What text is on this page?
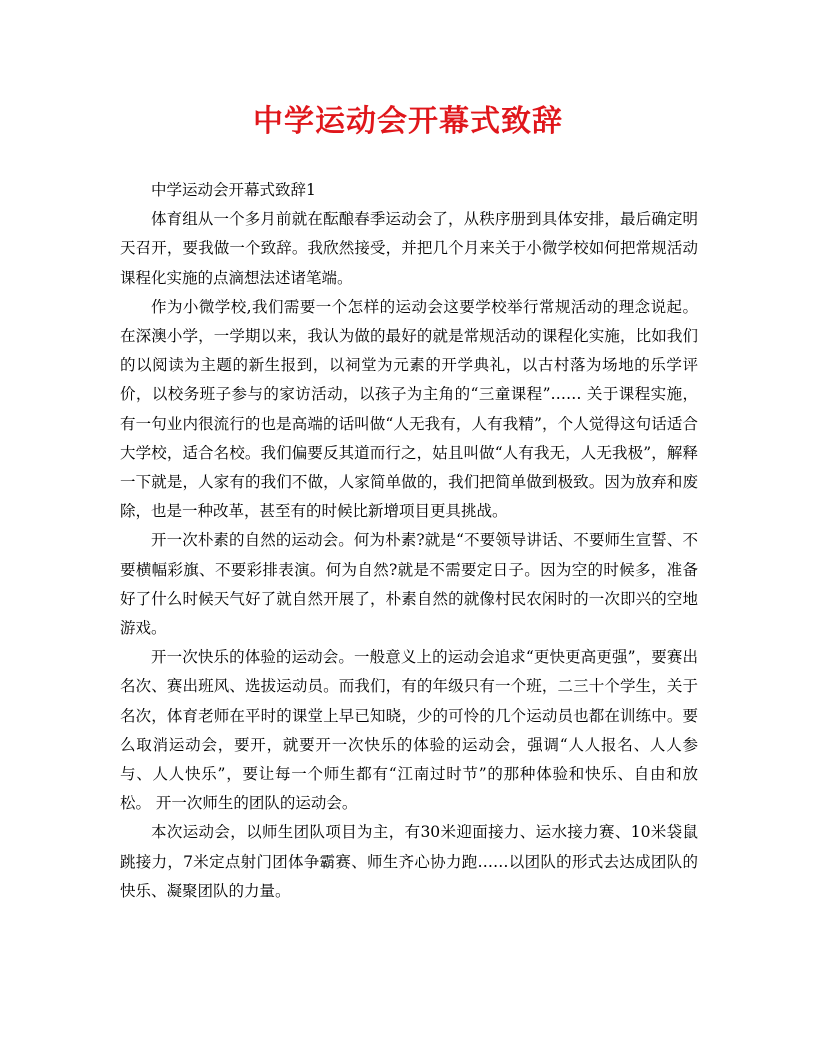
中学运动会开幕式致辞

中学运动会开幕式致辞1

体育组从一个多月前就在酝酿春季运动会了，从秩序册到具体安排，最后确定明天召开，要我做一个致辞。我欣然接受，并把几个月来关于小微学校如何把常规活动课程化实施的点滴想法述诸笔端。

作为小微学校,我们需要一个怎样的运动会这要学校举行常规活动的理念说起。在深澳小学，一学期以来，我认为做的最好的就是常规活动的课程化实施，比如我们的以阅读为主题的新生报到，以祠堂为元素的开学典礼，以古村落为场地的乐学评价，以校务班子参与的家访活动，以孩子为主角的“三童课程”…… 关于课程实施，有一句业内很流行的也是高端的话叫做“人无我有，人有我精”，个人觉得这句话适合大学校，适合名校。我们偏要反其道而行之，姑且叫做“人有我无，人无我极”，解释一下就是，人家有的我们不做，人家简单做的，我们把简单做到极致。因为放弃和废除，也是一种改革，甚至有的时候比新增项目更具挑战。

开一次朴素的自然的运动会。何为朴素?就是“不要领导讲话、不要师生宣誓、不要横幅彩旗、不要彩排表演。何为自然?就是不需要定日子。因为空的时候多，准备好了什么时候天气好了就自然开展了，朴素自然的就像村民农闲时的一次即兴的空地游戏。

开一次快乐的体验的运动会。一般意义上的运动会追求“更快更高更强”，要赛出名次、赛出班风、选拔运动员。而我们，有的年级只有一个班，二三十个学生，关于名次，体育老师在平时的课堂上早已知晓，少的可怜的几个运动员也都在训练中。要么取消运动会，要开，就要开一次快乐的体验的运动会，强调“人人报名、人人参与、人人快乐”，要让每一个师生都有“江南过时节”的那种体验和快乐、自由和放松。 开一次师生的团队的运动会。

本次运动会，以师生团队项目为主，有30米迎面接力、运水接力赛、10米袋鼠跳接力，7米定点射门团体争霸赛、师生齐心协力跑……以团队的形式去达成团队的快乐、凝聚团队的力量。
